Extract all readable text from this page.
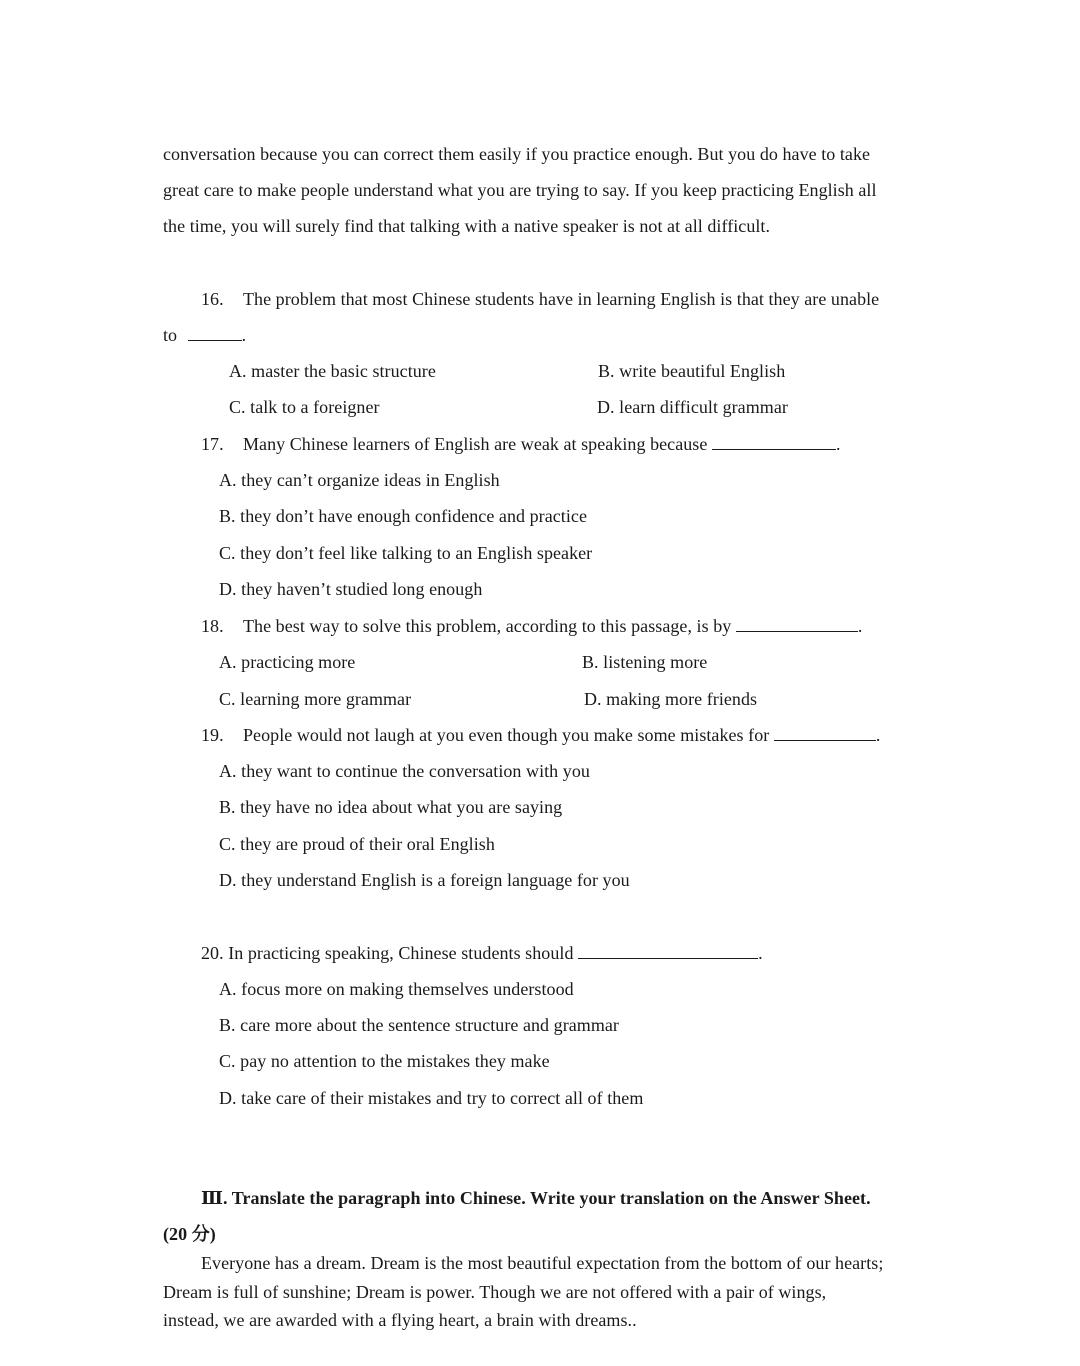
conversation because you can correct them easily if you practice enough. But you do have to take
great care to make people understand what you are trying to say. If you keep practicing English all
the time, you will surely find that talking with a native speaker is not at all difficult.
16. The problem that most Chinese students have in learning English is that they are unable
to	.
A. master the basic structure	B. write beautiful English
C. talk to a foreigner	D. learn difficult grammar
17. Many Chinese learners of English are weak at speaking because	.
A. they can’t organize ideas in English
B. they don’t have enough confidence and practice
C. they don’t feel like talking to an English speaker
D. they haven’t studied long enough
18. The best way to solve this problem, according to this passage, is by	.
A. practicing more	B. listening more
C. learning more grammar	D. making more friends
19. People would not laugh at you even though you make some mistakes for	.
A. they want to continue the conversation with you
B. they have no idea about what you are saying
C. they are proud of their oral English
D. they understand English is a foreign language for you
20. In practicing speaking, Chinese students should	.
A. focus more on making themselves understood
B. care more about the sentence structure and grammar
C. pay no attention to the mistakes they make
D. take care of their mistakes and try to correct all of them
Ⅲ. Translate the paragraph into Chinese. Write your translation on the Answer Sheet.
(20 分)
Everyone has a dream. Dream is the most beautiful expectation from the bottom of our hearts;
Dream is full of sunshine; Dream is power. Though we are not offered with a pair of wings,
instead, we are awarded with a flying heart, a brain with dreams..
